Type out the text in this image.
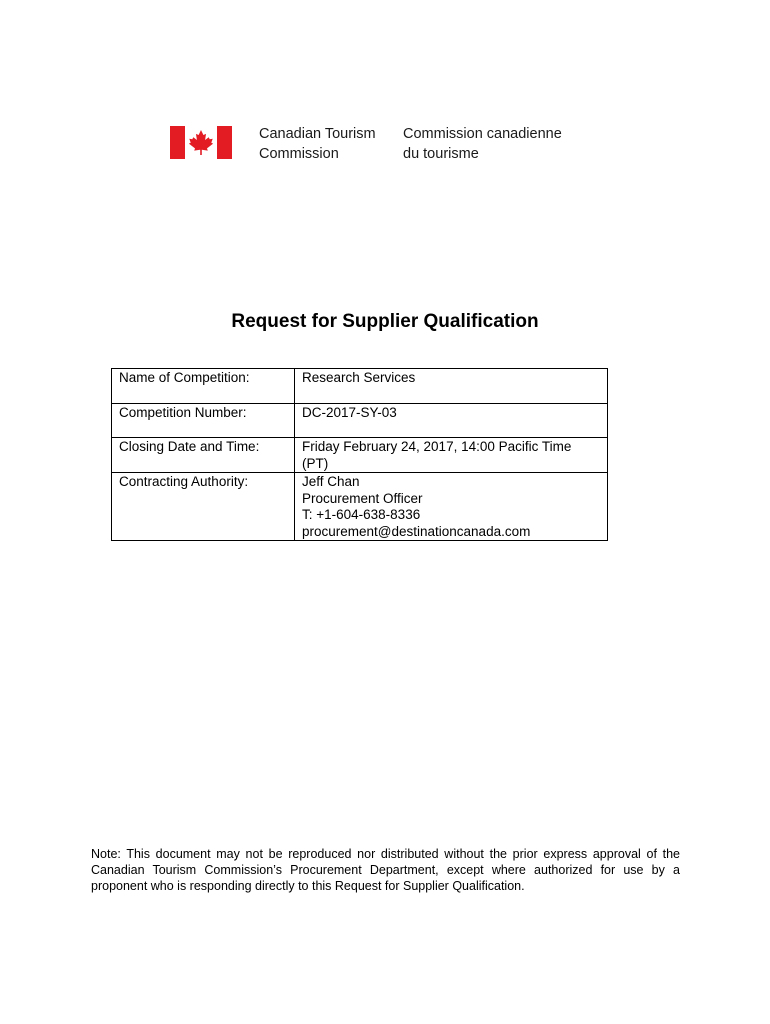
Canadian Tourism
Commission
Commission canadienne
du tourisme
Request for Supplier Qualification
Name of Competition:	Research Services

Competition Number:	DC-2017-SY-03

Closing Date and Time:	Friday February 24, 2017, 14:00 Pacific Time
(PT)

Contracting Authority:	Jeff Chan
Procurement Officer
T: +1-604-638-8336
procurement@destinationcanada.com
Note: This document may not be reproduced nor distributed without the prior express approval of the Canadian Tourism Commission’s Procurement Department, except where authorized for use by a proponent who is responding directly to this Request for Supplier Qualification.
